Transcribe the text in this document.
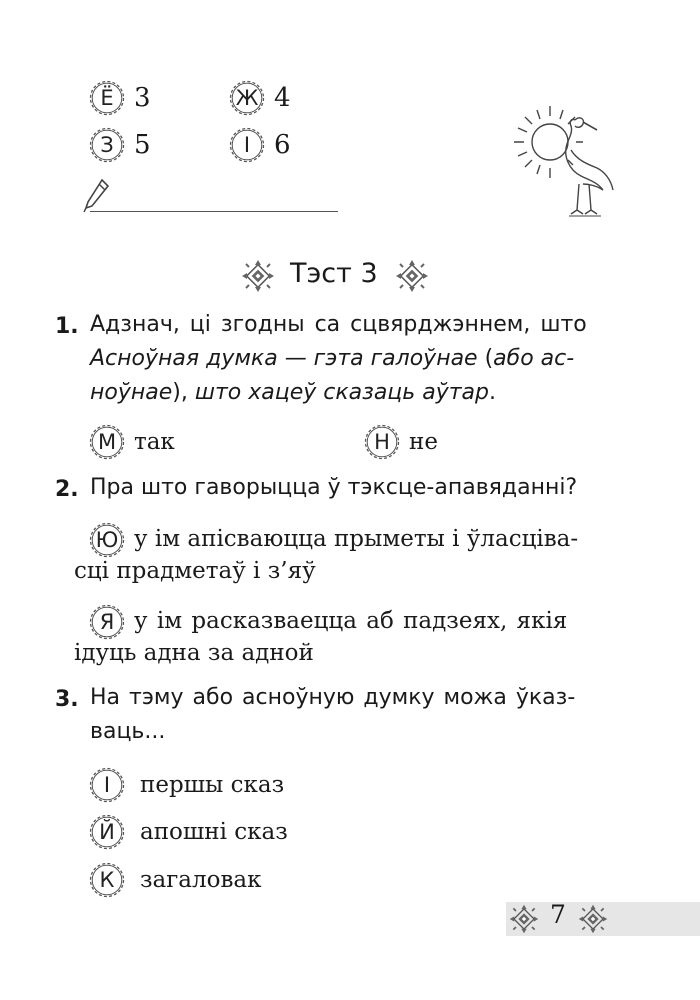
Ё 3	Ж 4
З 5	І 6
Тэст 3
1. Адзнач, ці згодны са сцвярджэннем, што
Асноўная думка — гэта галоўнае (або ас-
ноўнае), што хацеў сказаць аўтар.
М так	Н не
2. Пра што гаворыцца ў тэксце-апавяданні?
Ю у ім апісваюцца прыметы і ўласціва-
сці прадметаў і з’яў
Я у ім расказваецца аб падзеях, якія
ідуць адна за адной
3. На тэму або асноўную думку можа ўказ-
ваць...
І першы сказ
Й апошні сказ
К загаловак
7
